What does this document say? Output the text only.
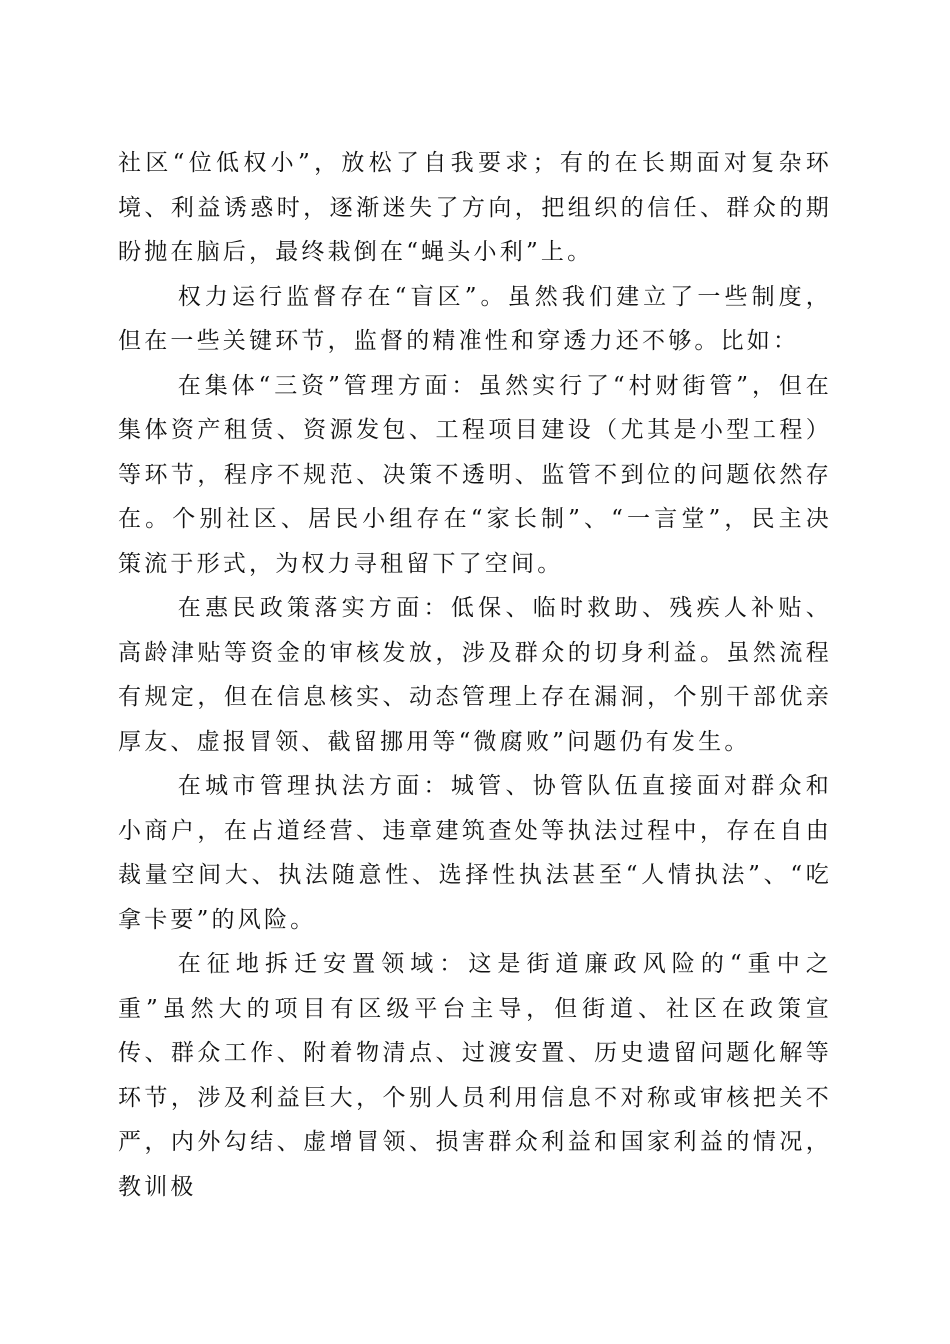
社区“位低权小”，放松了自我要求；有的在长期面对复杂环境、利益诱惑时，逐渐迷失了方向，把组织的信任、群众的期盼抛在脑后，最终栽倒在“蝇头小利”上。

权力运行监督存在“盲区”。虽然我们建立了一些制度，但在一些关键环节，监督的精准性和穿透力还不够。比如：

在集体“三资”管理方面：虽然实行了“村财街管”，但在集体资产租赁、资源发包、工程项目建设（尤其是小型工程）等环节，程序不规范、决策不透明、监管不到位的问题依然存在。个别社区、居民小组存在“家长制”、“一言堂”，民主决策流于形式，为权力寻租留下了空间。

在惠民政策落实方面：低保、临时救助、残疾人补贴、高龄津贴等资金的审核发放，涉及群众的切身利益。虽然流程有规定，但在信息核实、动态管理上存在漏洞，个别干部优亲厚友、虚报冒领、截留挪用等“微腐败”问题仍有发生。

在城市管理执法方面：城管、协管队伍直接面对群众和小商户，在占道经营、违章建筑查处等执法过程中，存在自由裁量空间大、执法随意性、选择性执法甚至“人情执法”、“吃拿卡要”的风险。

在征地拆迁安置领域：这是街道廉政风险的“重中之重”虽然大的项目有区级平台主导，但街道、社区在政策宣传、群众工作、附着物清点、过渡安置、历史遗留问题化解等环节，涉及利益巨大，个别人员利用信息不对称或审核把关不严，内外勾结、虚增冒领、损害群众利益和国家利益的情况，教训极
